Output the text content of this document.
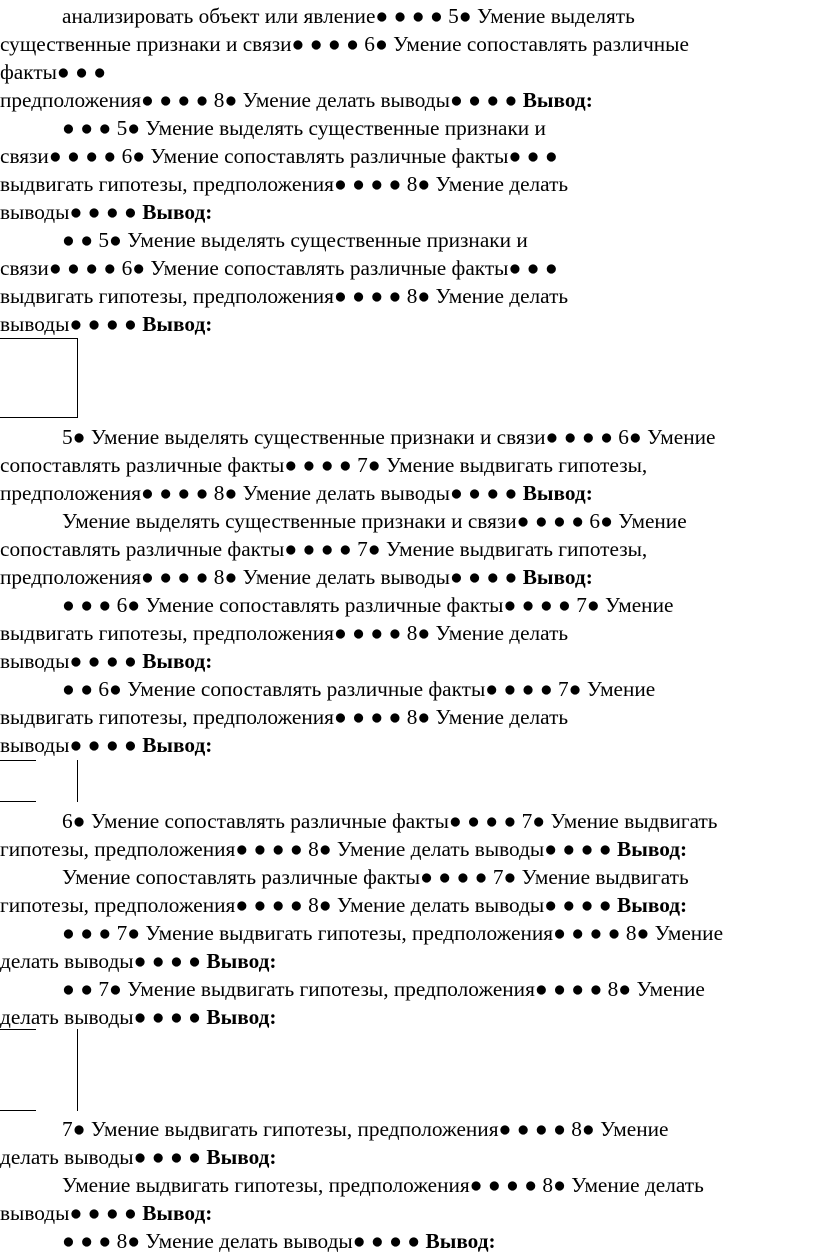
анализировать объект или явление● ● ● ● 5● Умение выделять
существенные признаки и связи● ● ● ● 6● Умение сопоставлять различные
факты● ● ●
предположения● ● ● ● 8● Умение делать выводы● ● ● ● Вывод:
● ● ● 5● Умение выделять существенные признаки и
связи● ● ● ● 6● Умение сопоставлять различные факты● ● ●
выдвигать гипотезы, предположения● ● ● ● 8● Умение делать
выводы● ● ● ● Вывод:
● ● 5● Умение выделять существенные признаки и
связи● ● ● ● 6● Умение сопоставлять различные факты● ● ●
выдвигать гипотезы, предположения● ● ● ● 8● Умение делать
выводы● ● ● ● Вывод:
5● Умение выделять существенные признаки и связи● ● ● ● 6● Умение
сопоставлять различные факты● ● ● ● 7● Умение выдвигать гипотезы,
предположения● ● ● ● 8● Умение делать выводы● ● ● ● Вывод:
Умение выделять существенные признаки и связи● ● ● ● 6● Умение
сопоставлять различные факты● ● ● ● 7● Умение выдвигать гипотезы,
предположения● ● ● ● 8● Умение делать выводы● ● ● ● Вывод:
● ● ● 6● Умение сопоставлять различные факты● ● ● ● 7● Умение
выдвигать гипотезы, предположения● ● ● ● 8● Умение делать
выводы● ● ● ● Вывод:
● ● 6● Умение сопоставлять различные факты● ● ● ● 7● Умение
выдвигать гипотезы, предположения● ● ● ● 8● Умение делать
выводы● ● ● ● Вывод:
6● Умение сопоставлять различные факты● ● ● ● 7● Умение выдвигать
гипотезы, предположения● ● ● ● 8● Умение делать выводы● ● ● ● Вывод:
Умение сопоставлять различные факты● ● ● ● 7● Умение выдвигать
гипотезы, предположения● ● ● ● 8● Умение делать выводы● ● ● ● Вывод:
● ● ● 7● Умение выдвигать гипотезы, предположения● ● ● ● 8● Умение
делать выводы● ● ● ● Вывод:
● ● 7● Умение выдвигать гипотезы, предположения● ● ● ● 8● Умение
делать выводы● ● ● ● Вывод:
7● Умение выдвигать гипотезы, предположения● ● ● ● 8● Умение
делать выводы● ● ● ● Вывод:
Умение выдвигать гипотезы, предположения● ● ● ● 8● Умение делать
выводы● ● ● ● Вывод:
● ● ● 8● Умение делать выводы● ● ● ● Вывод:
